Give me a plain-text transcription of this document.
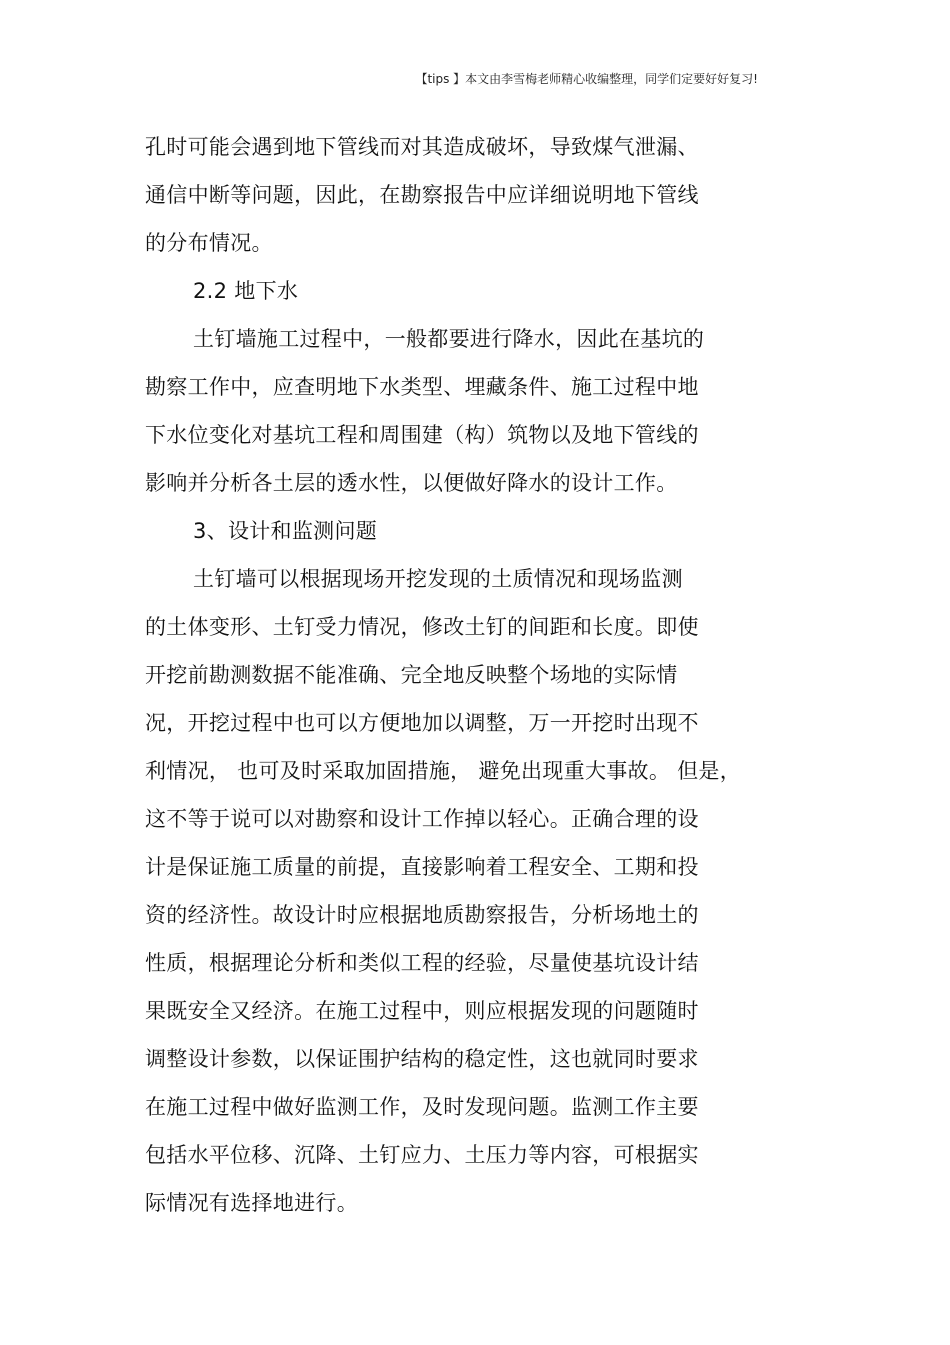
【tips 】本文由李雪梅老师精心收编整理，同学们定要好好复习!
孔时可能会遇到地下管线而对其造成破坏，导致煤气泄漏、
通信中断等问题，因此，在勘察报告中应详细说明地下管线
的分布情况。
2.2 地下水
土钉墙施工过程中，一般都要进行降水，因此在基坑的
勘察工作中，应查明地下水类型、埋藏条件、施工过程中地
下水位变化对基坑工程和周围建（构）筑物以及地下管线的
影响并分析各土层的透水性，以便做好降水的设计工作。
3、设计和监测问题
土钉墙可以根据现场开挖发现的土质情况和现场监测
的土体变形、土钉受力情况，修改土钉的间距和长度。即使
开挖前勘测数据不能准确、完全地反映整个场地的实际情
况，开挖过程中也可以方便地加以调整，万一开挖时出现不
利情况， 也可及时采取加固措施， 避免出现重大事故。 但是，
这不等于说可以对勘察和设计工作掉以轻心。正确合理的设
计是保证施工质量的前提，直接影响着工程安全、工期和投
资的经济性。故设计时应根据地质勘察报告，分析场地土的
性质，根据理论分析和类似工程的经验，尽量使基坑设计结
果既安全又经济。在施工过程中，则应根据发现的问题随时
调整设计参数，以保证围护结构的稳定性，这也就同时要求
在施工过程中做好监测工作，及时发现问题。监测工作主要
包括水平位移、沉降、土钉应力、土压力等内容，可根据实
际情况有选择地进行。
